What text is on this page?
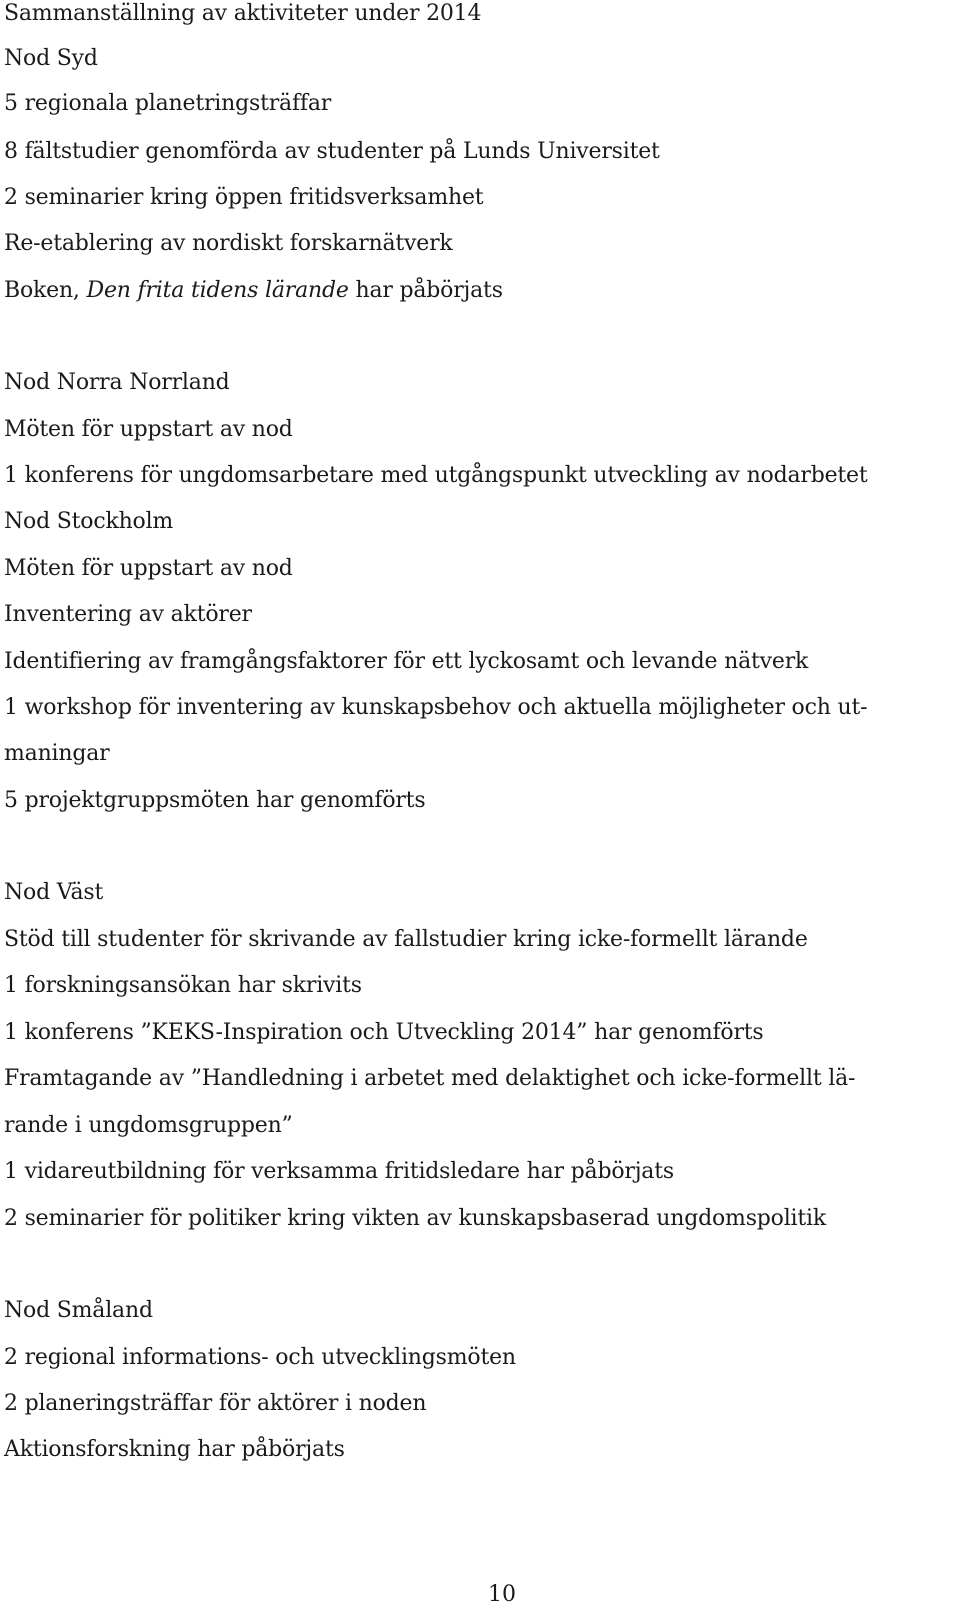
Sammanställning av aktiviteter under 2014
Nod Syd
5 regionala planetringsträffar
8 fältstudier genomförda av studenter på Lunds Universitet
2 seminarier kring öppen fritidsverksamhet
Re-etablering av nordiskt forskarnätverk
Boken, Den frita tidens lärande har påbörjats
Nod Norra Norrland
Möten för uppstart av nod
1 konferens för ungdomsarbetare med utgångspunkt utveckling av nodarbetet
Nod Stockholm
Möten för uppstart av nod
Inventering av aktörer
Identifiering av framgångsfaktorer för ett lyckosamt och levande nätverk
1 workshop för inventering av kunskapsbehov och aktuella möjligheter och ut-
maningar
5 projektgruppsmöten har genomförts
Nod Väst
Stöd till studenter för skrivande av fallstudier kring icke-formellt lärande
1 forskningsansökan har skrivits
1 konferens ”KEKS-Inspiration och Utveckling 2014” har genomförts
Framtagande av ”Handledning i arbetet med delaktighet och icke-formellt lä-
rande i ungdomsgruppen”
1 vidareutbildning för verksamma fritidsledare har påbörjats
2 seminarier för politiker kring vikten av kunskapsbaserad ungdomspolitik
Nod Småland
2 regional informations- och utvecklingsmöten
2 planeringsträffar för aktörer i noden
Aktionsforskning har påbörjats
10
